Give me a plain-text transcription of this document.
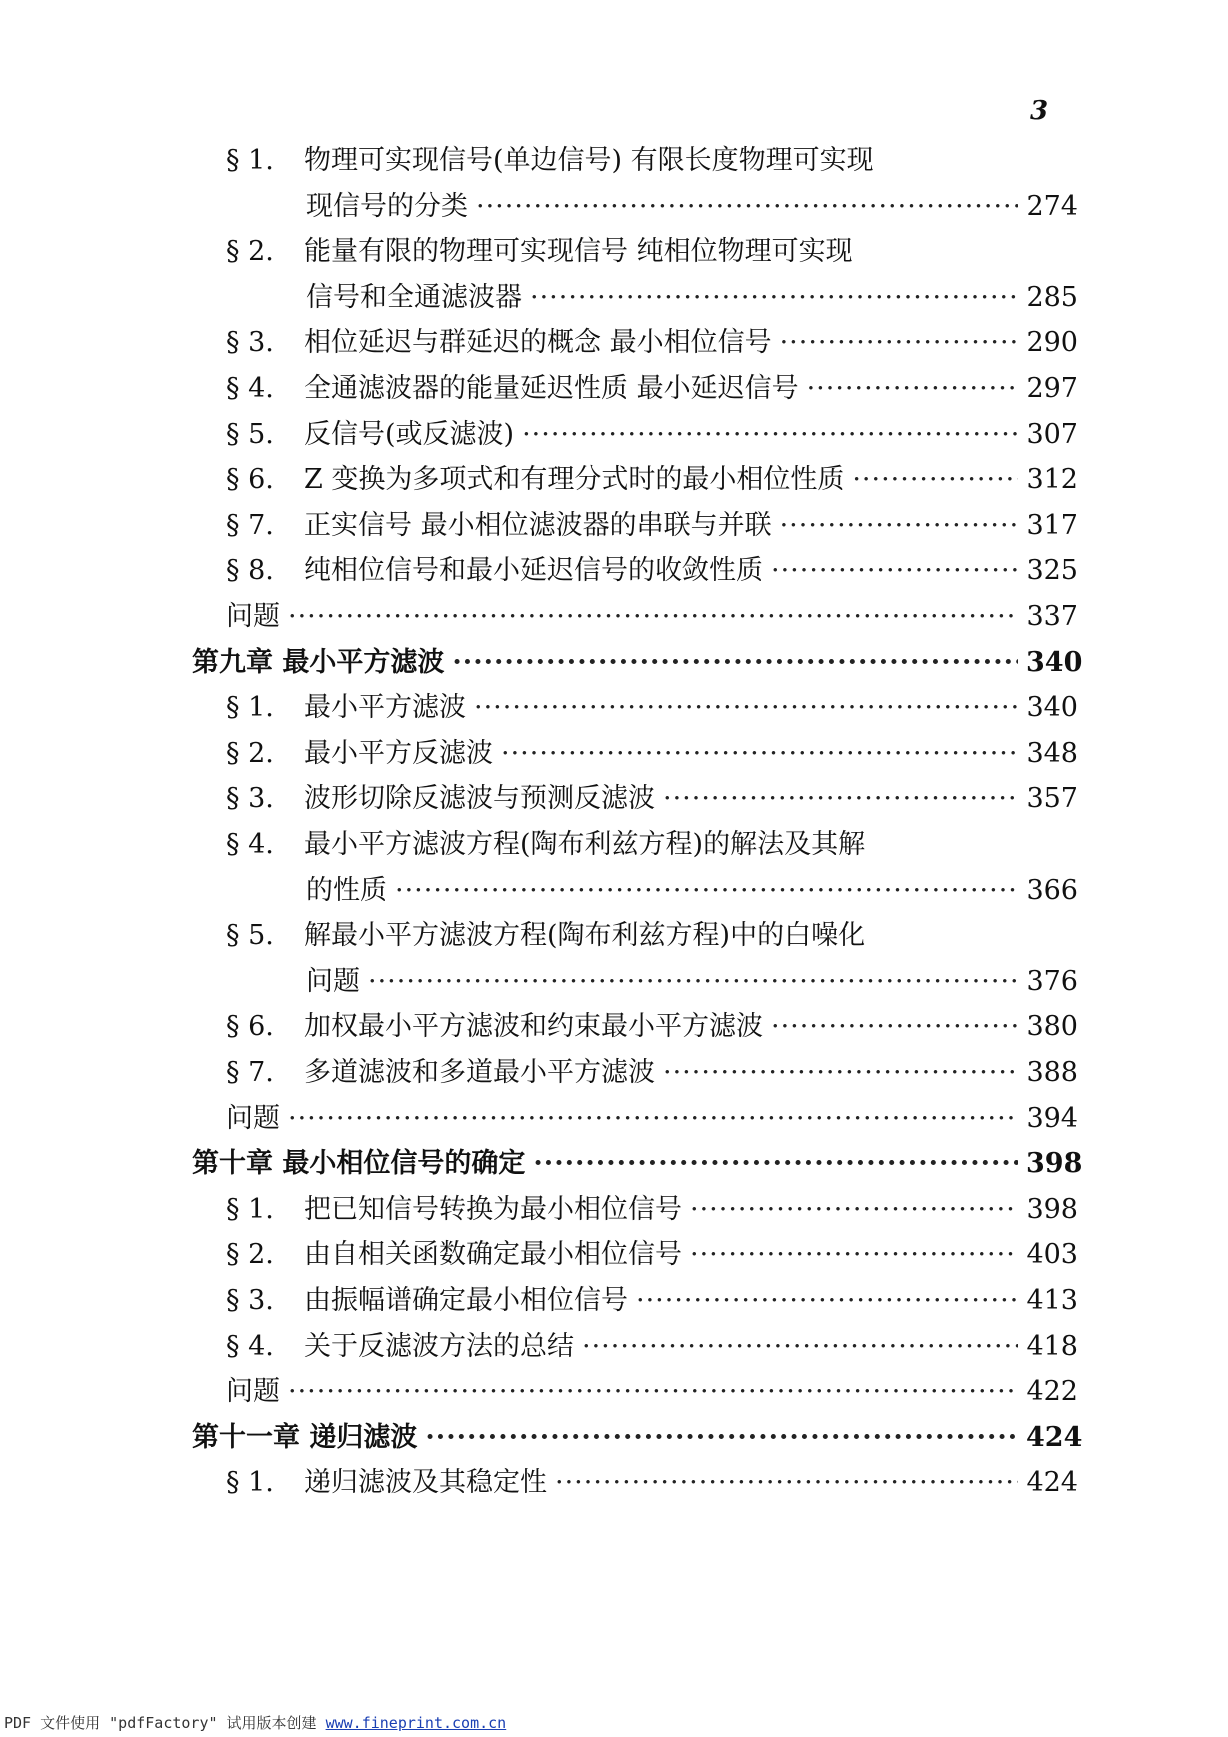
3
§ 1.	物理可实现信号(单边信号) 有限长度物理可实现
现信号的分类 ·····	274
§ 2.	能量有限的物理可实现信号 纯相位物理可实现
信号和全通滤波器 ·····	285
§ 3.	相位延迟与群延迟的概念 最小相位信号 ·····	290
§ 4.	全通滤波器的能量延迟性质 最小延迟信号 ·····	297
§ 5.	反信号(或反滤波) ·····	307
§ 6.	Z 变换为多项式和有理分式时的最小相位性质 ·····	312
§ 7.	正实信号 最小相位滤波器的串联与并联 ·····	317
§ 8.	纯相位信号和最小延迟信号的收敛性质 ·····	325
问题 ·····	337
第九章 最小平方滤波 ·····	340
§ 1.	最小平方滤波 ·····	340
§ 2.	最小平方反滤波 ·····	348
§ 3.	波形切除反滤波与预测反滤波 ·····	357
§ 4.	最小平方滤波方程(陶布利兹方程)的解法及其解
的性质 ·····	366
§ 5.	解最小平方滤波方程(陶布利兹方程)中的白噪化
问题 ·····	376
§ 6.	加权最小平方滤波和约束最小平方滤波 ·····	380
§ 7.	多道滤波和多道最小平方滤波 ·····	388
问题 ·····	394
第十章 最小相位信号的确定 ·····	398
§ 1.	把已知信号转换为最小相位信号 ·····	398
§ 2.	由自相关函数确定最小相位信号 ·····	403
§ 3.	由振幅谱确定最小相位信号 ·····	413
§ 4.	关于反滤波方法的总结 ·····	418
问题 ·····	422
第十一章 递归滤波 ·····	424
§ 1.	递归滤波及其稳定性 ·····	424
PDF 文件使用 "pdfFactory" 试用版本创建 www.fineprint.com.cn
